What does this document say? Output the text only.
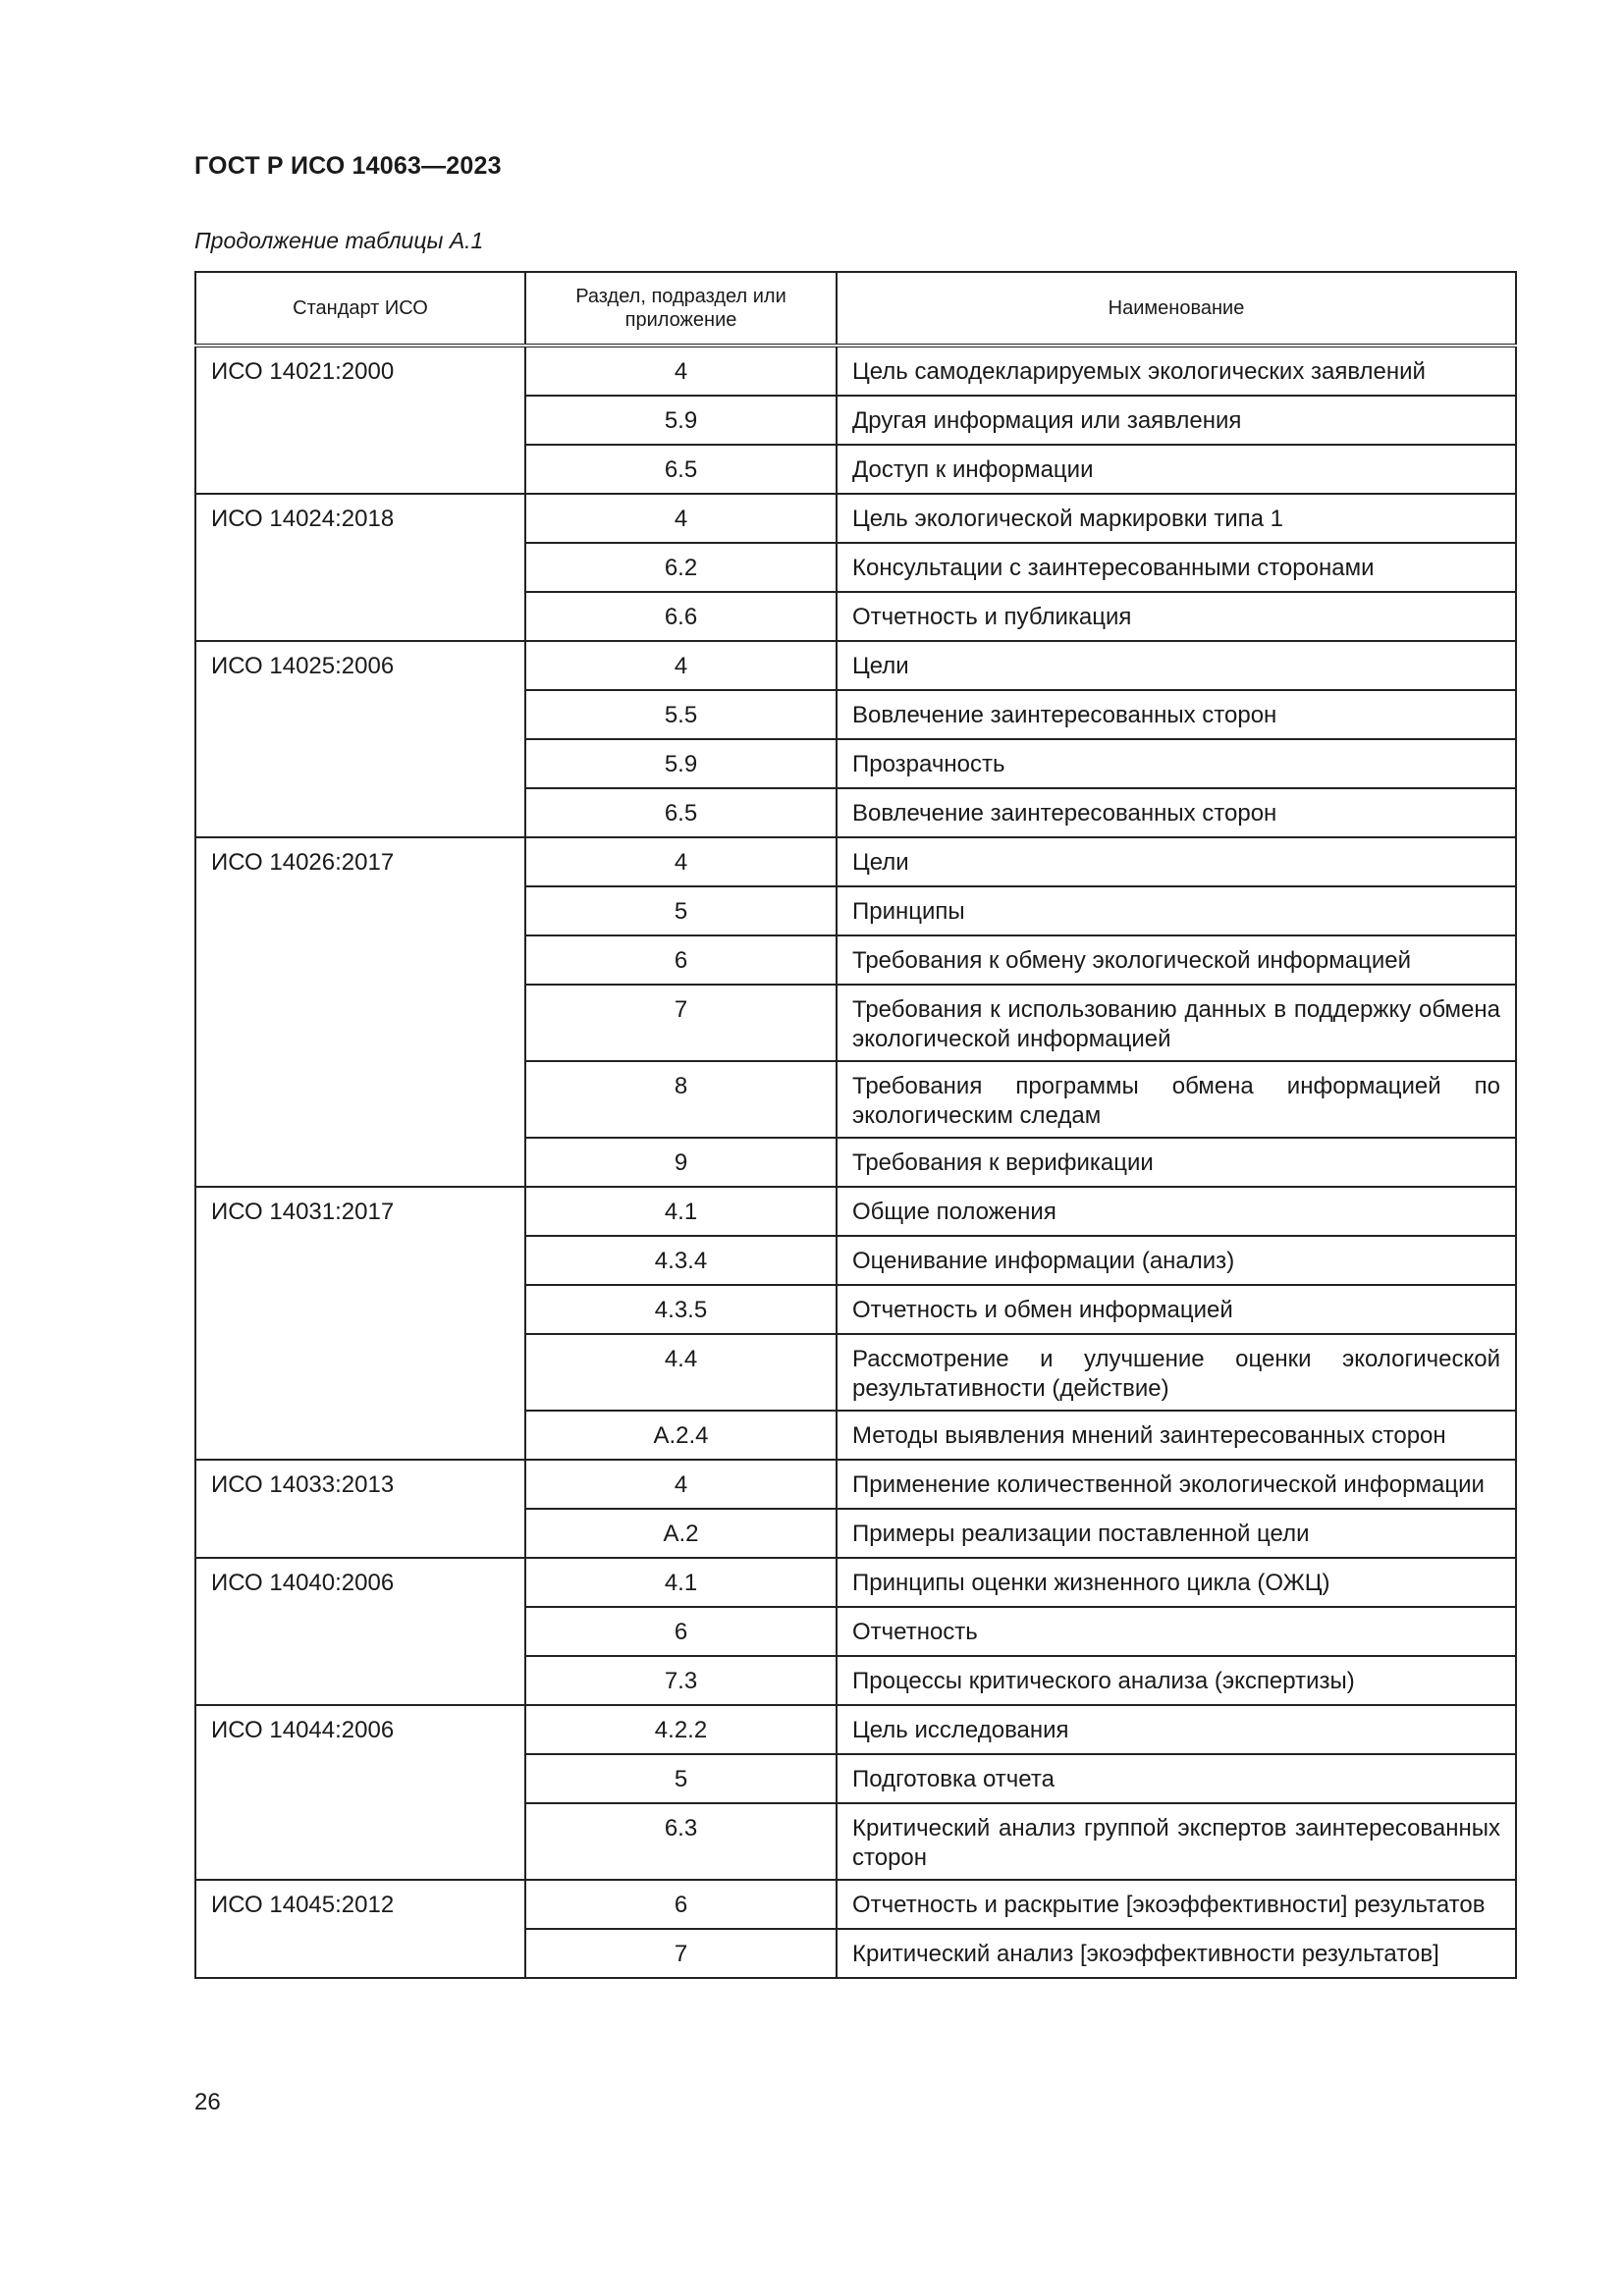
ГОСТ Р ИСО 14063—2023
Продолжение таблицы А.1
Стандарт ИСО	Раздел, подраздел или приложение	Наименование
ИСО 14021:2000	4	Цель самодекларируемых экологических заявлений
	5.9	Другая информация или заявления
	6.5	Доступ к информации
ИСО 14024:2018	4	Цель экологической маркировки типа 1
	6.2	Консультации с заинтересованными сторонами
	6.6	Отчетность и публикация
ИСО 14025:2006	4	Цели
	5.5	Вовлечение заинтересованных сторон
	5.9	Прозрачность
	6.5	Вовлечение заинтересованных сторон
ИСО 14026:2017	4	Цели
	5	Принципы
	6	Требования к обмену экологической информацией
	7	Требования к использованию данных в поддержку обмена экологической информацией
	8	Требования программы обмена информацией по экологическим следам
	9	Требования к верификации
ИСО 14031:2017	4.1	Общие положения
	4.3.4	Оценивание информации (анализ)
	4.3.5	Отчетность и обмен информацией
	4.4	Рассмотрение и улучшение оценки экологической результативности (действие)
	А.2.4	Методы выявления мнений заинтересованных сторон
ИСО 14033:2013	4	Применение количественной экологической информации
	А.2	Примеры реализации поставленной цели
ИСО 14040:2006	4.1	Принципы оценки жизненного цикла (ОЖЦ)
	6	Отчетность
	7.3	Процессы критического анализа (экспертизы)
ИСО 14044:2006	4.2.2	Цель исследования
	5	Подготовка отчета
	6.3	Критический анализ группой экспертов заинтересованных сторон
ИСО 14045:2012	6	Отчетность и раскрытие [экоэффективности] результатов
	7	Критический анализ [экоэффективности результатов]
26
